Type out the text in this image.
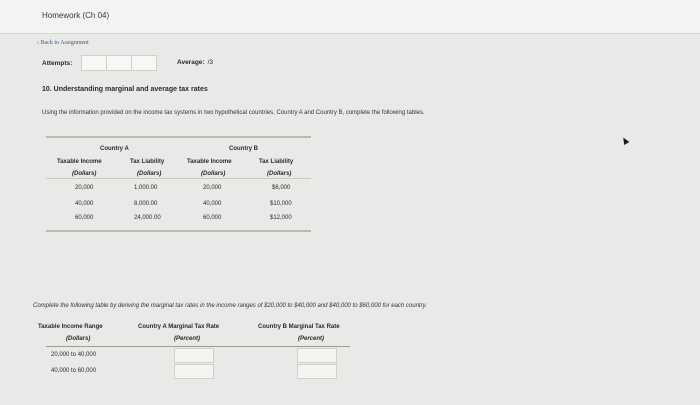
Homework (Ch 04)
‹ Back to Assignment
Attempts:	Average: /3
10. Understanding marginal and average tax rates
Using the information provided on the income tax systems in two hypothetical countries, Country A and Country B, complete the following tables.
Country A	Country B
Taxable Income	Tax Liability	Taxable Income	Tax Liability
(Dollars)	(Dollars)	(Dollars)	(Dollars)
20,000	1,000.00	20,000	$6,000
40,000	8,000.00	40,000	$10,000
60,000	24,000.00	60,000	$12,000
Complete the following table by deriving the marginal tax rates in the income ranges of $20,000 to $40,000 and $40,000 to $60,000 for each country.
Taxable Income Range	Country A Marginal Tax Rate	Country B Marginal Tax Rate
(Dollars)	(Percent)	(Percent)
20,000 to 40,000
40,000 to 60,000
